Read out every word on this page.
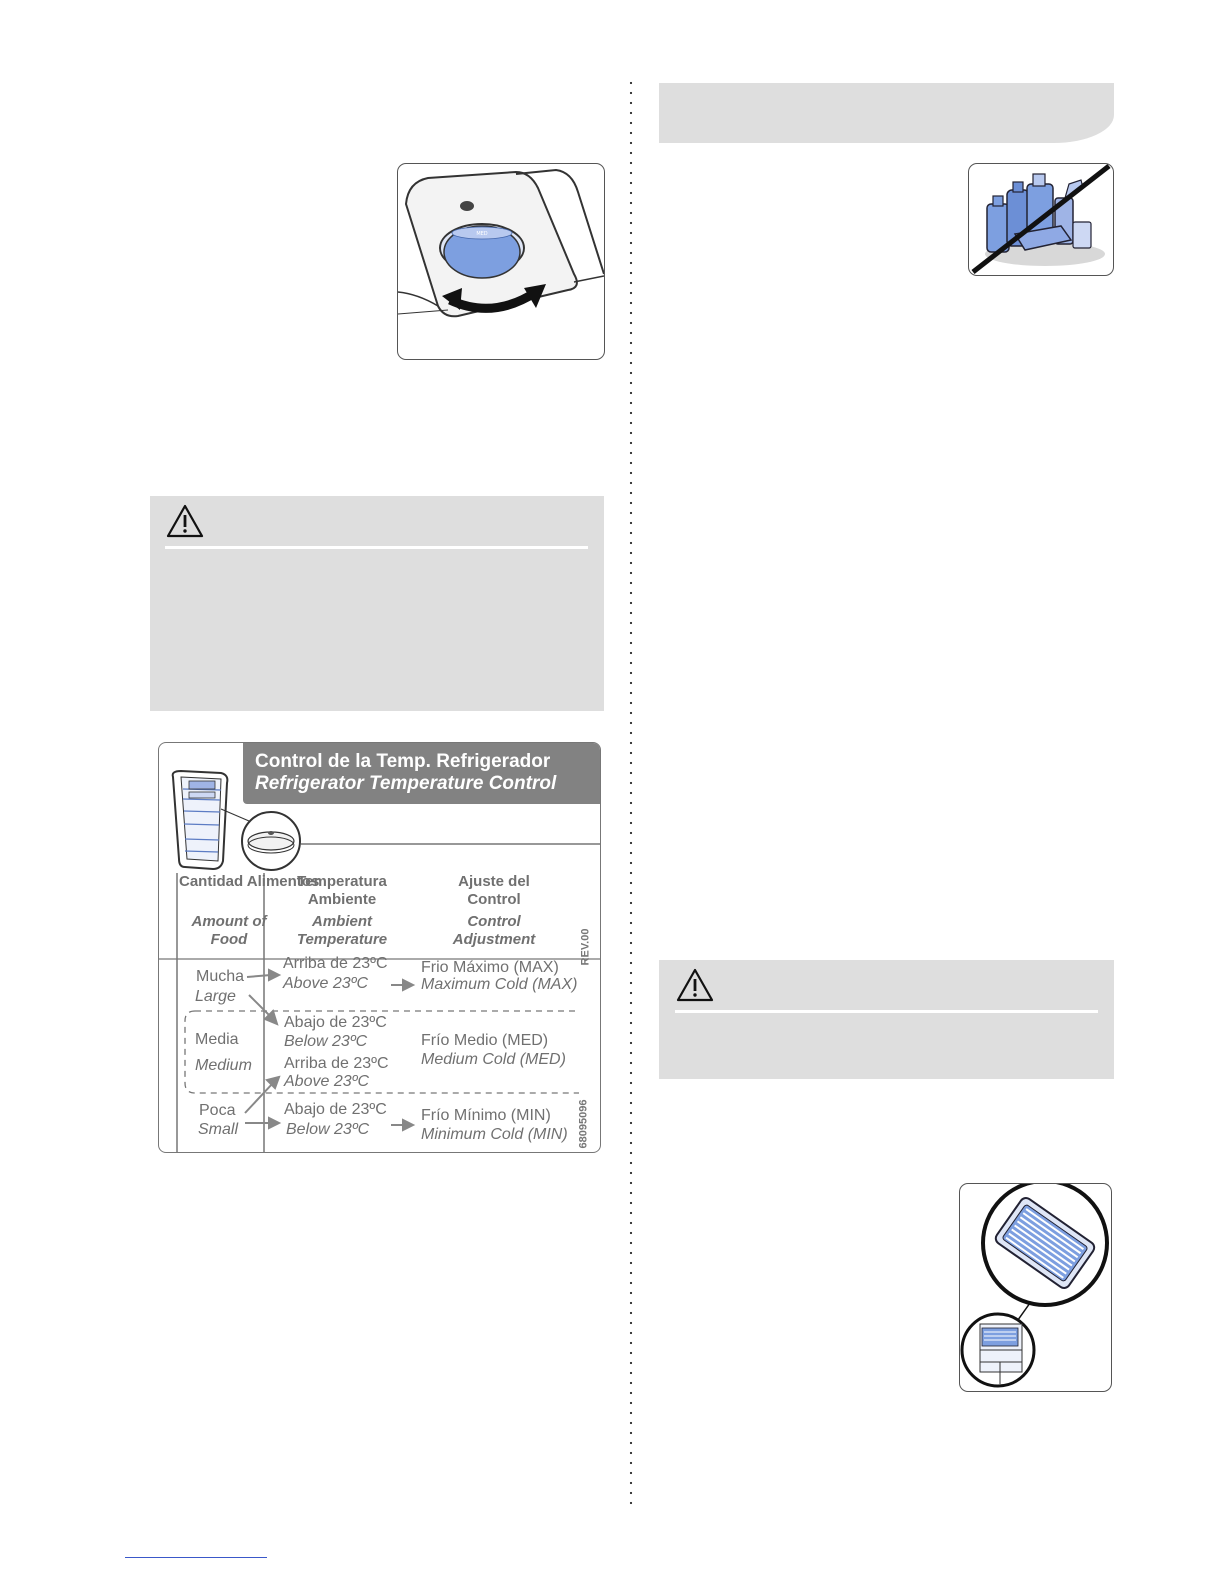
MED
Control de la Temp. Refrigerador
Refrigerator Temperature Control
Cantidad Alimentos
Amount of Food
Temperatura Ambiente
Ambient Temperature
Ajuste del Control
Control Adjustment
Mucha
Large
Media
Medium
Poca
Small
Arriba de 23ºC
Above 23ºC
Abajo de 23ºC
Below 23ºC
Arriba de 23ºC
Above 23ºC
Abajo de 23ºC
Below 23ºC
Frio Máximo (MAX)
Maximum Cold (MAX)
Frío Medio (MED)
Medium Cold (MED)
Frío Mínimo (MIN)
Minimum Cold (MIN)
REV.00
68095096
